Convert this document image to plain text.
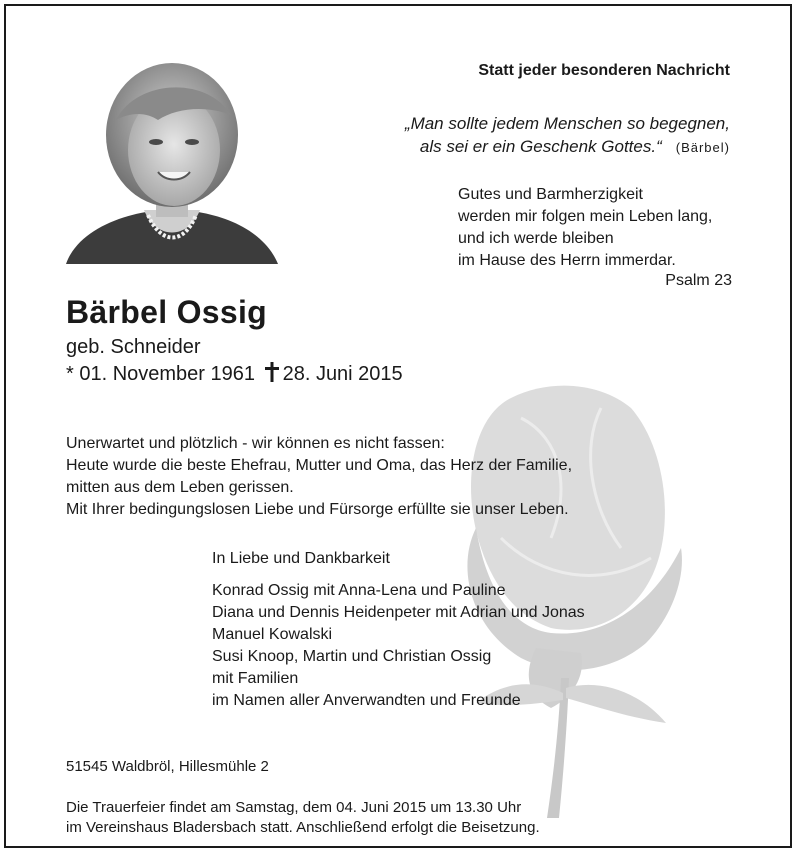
Statt jeder besonderen Nachricht
„Man sollte jedem Menschen so begegnen,
als sei er ein Geschenk Gottes.“ (Bärbel)
Gutes und Barmherzigkeit
werden mir folgen mein Leben lang,
und ich werde bleiben
im Hause des Herrn immerdar.
Psalm 23
Bärbel Ossig
geb. Schneider
* 01. November 1961 28. Juni 2015
Unerwartet und plötzlich - wir können es nicht fassen:
Heute wurde die beste Ehefrau, Mutter und Oma, das Herz der Familie,
mitten aus dem Leben gerissen.
Mit Ihrer bedingungslosen Liebe und Fürsorge erfüllte sie unser Leben.
In Liebe und Dankbarkeit
Konrad Ossig mit Anna-Lena und Pauline
Diana und Dennis Heidenpeter mit Adrian und Jonas
Manuel Kowalski
Susi Knoop, Martin und Christian Ossig
mit Familien
im Namen aller Anverwandten und Freunde
51545 Waldbröl, Hillesmühle 2
Die Trauerfeier findet am Samstag, dem 04. Juni 2015 um 13.30 Uhr
im Vereinshaus Bladersbach statt. Anschließend erfolgt die Beisetzung.
